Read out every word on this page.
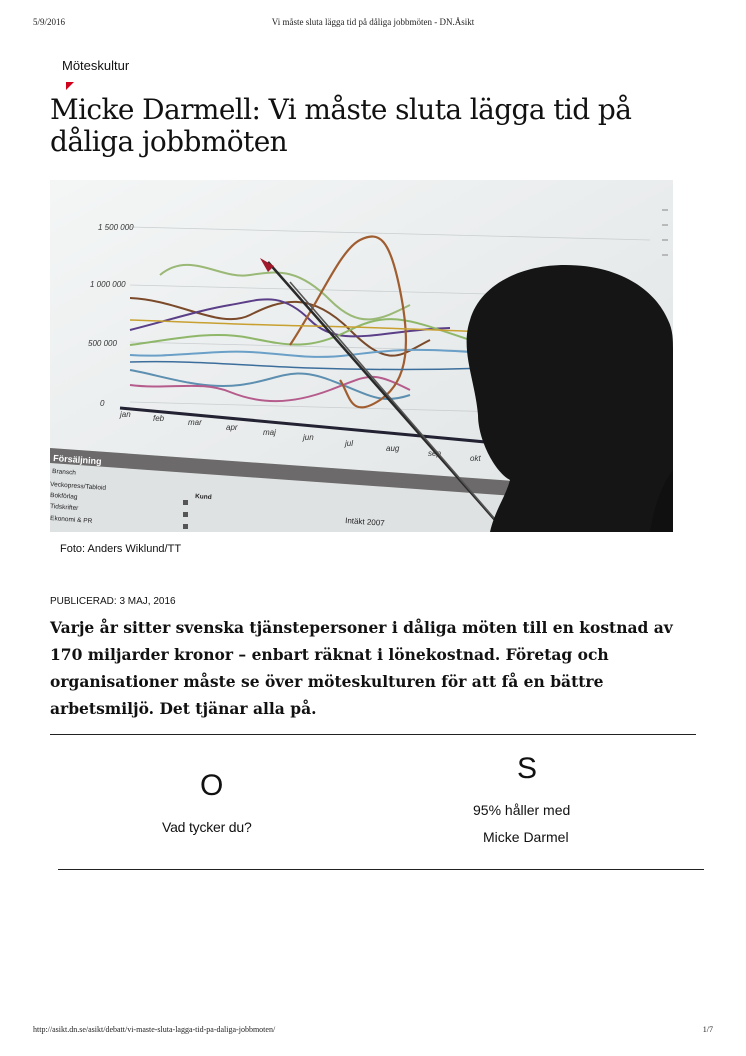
5/9/2016	Vi måste sluta lägga tid på dåliga jobbmöten - DN.Åsikt
Möteskultur
Micke Darmell: Vi måste sluta lägga tid på dåliga jobbmöten
1 500 000
1 000 000
500 000
0
jan	feb	mar
apr
maj
jun
jul
aug
sep
okt
Försäljning
Bransch
Veckopress/Tabloid
Bokförlag
Tidskrifter
Ekonomi & PR
Kund
Intäkt 2007
Foto: Anders Wiklund/TT
PUBLICERAD: 3 MAJ, 2016

Varje år sitter svenska tjänstepersoner i dåliga möten till en kostnad av 170 miljarder kronor – enbart räknat i lönekostnad. Företag och organisationer måste se över möteskulturen för att få en bättre arbetsmiljö. Det tjänar alla på.

O
Vad tycker du?
S
95% håller med
Micke Darmel
http://asikt.dn.se/asikt/debatt/vi-maste-sluta-lagga-tid-pa-daliga-jobbmoten/	1/7
